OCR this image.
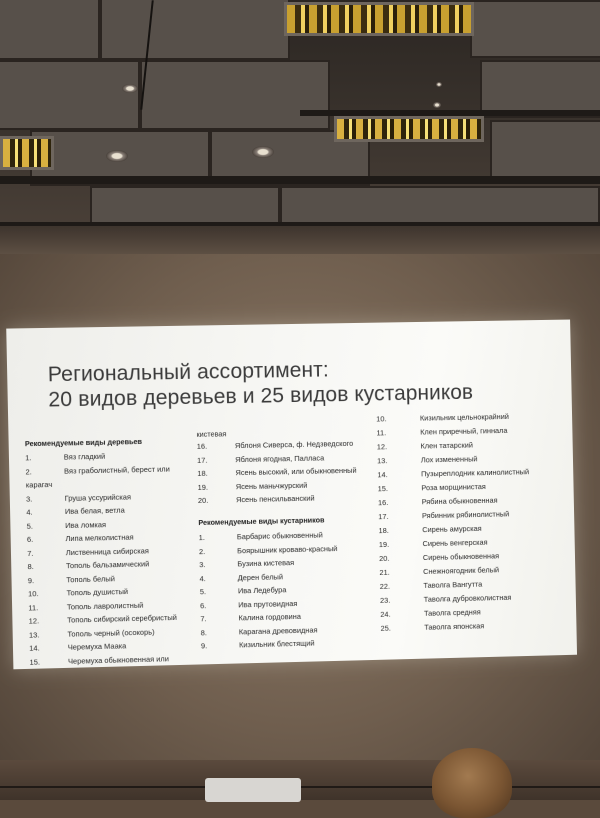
Региональный ассортимент:
20 видов деревьев и 25 видов кустарников
Рекомендуемые виды деревьев
1.	Вяз гладкий
2.	Вяз граболистный, берест или
карагач
3.	Груша уссурийская
4.	Ива белая, ветла
5.	Ива ломкая
6.	Липа мелколистная
7.	Лиственница сибирская
8.	Тополь бальзамический
9.	Тополь белый
10.	Тополь душистый
11.	Тополь лавролистный
12.	Тополь сибирский серебристый
13.	Тополь черный (осокорь)
14.	Черемуха Маака
15.	Черемуха обыкновенная или
кистевая
16.	Яблоня Сиверса, ф. Недзведского
17.	Яблоня ягодная, Палласа
18.	Ясень высокий, или обыкновенный
19.	Ясень маньчжурский
20.	Ясень пенсильванский
Рекомендуемые виды кустарников
1.	Барбарис обыкновенный
2.	Боярышник кроваво-красный
3.	Бузина кистевая
4.	Дерен белый
5.	Ива Ледебура
6.	Ива прутовидная
7.	Калина гордовина
8.	Карагана древовидная
9.	Кизильник блестящий
10.	Кизильник цельнокрайний
11.	Клен приречный, гиннала
12.	Клен татарский
13.	Лох измененный
14.	Пузыреплодник калинолистный
15.	Роза морщинистая
16.	Рябина обыкновенная
17.	Рябинник рябинолистный
18.	Сирень амурская
19.	Сирень венгерская
20.	Сирень обыкновенная
21.	Снежноягодник белый
22.	Таволга Вангутта
23.	Таволга дубровколистная
24.	Таволга средняя
25.	Таволга японская
